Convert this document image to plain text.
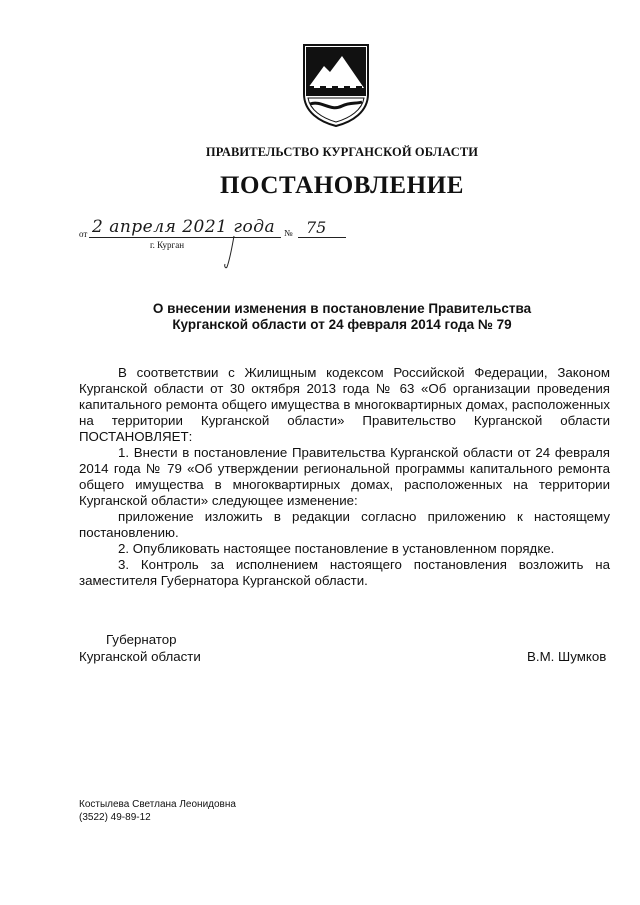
ПРАВИТЕЛЬСТВО КУРГАНСКОЙ ОБЛАСТИ
ПОСТАНОВЛЕНИЕ
от 2 апреля 2021 года № 75
г. Курган
О внесении изменения в постановление Правительства
Курганской области от 24 февраля 2014 года № 79

В соответствии с Жилищным кодексом Российской Федерации, Законом Курганской области от 30 октября 2013 года № 63 «Об организации проведения капитального ремонта общего имущества в многоквартирных домах, расположенных на территории Курганской области» Правительство Курганской области ПОСТАНОВЛЯЕТ:

1. Внести в постановление Правительства Курганской области от 24 февраля 2014 года № 79 «Об утверждении региональной программы капитального ремонта общего имущества в многоквартирных домах, расположенных на территории Курганской области» следующее изменение:

приложение изложить в редакции согласно приложению к настоящему постановлению.

2. Опубликовать настоящее постановление в установленном порядке.

3. Контроль за исполнением настоящего постановления возложить на заместителя Губернатора Курганской области.

Губернатор
Курганской области	В.М. Шумков
Костылева Светлана Леонидовна
(3522) 49-89-12
